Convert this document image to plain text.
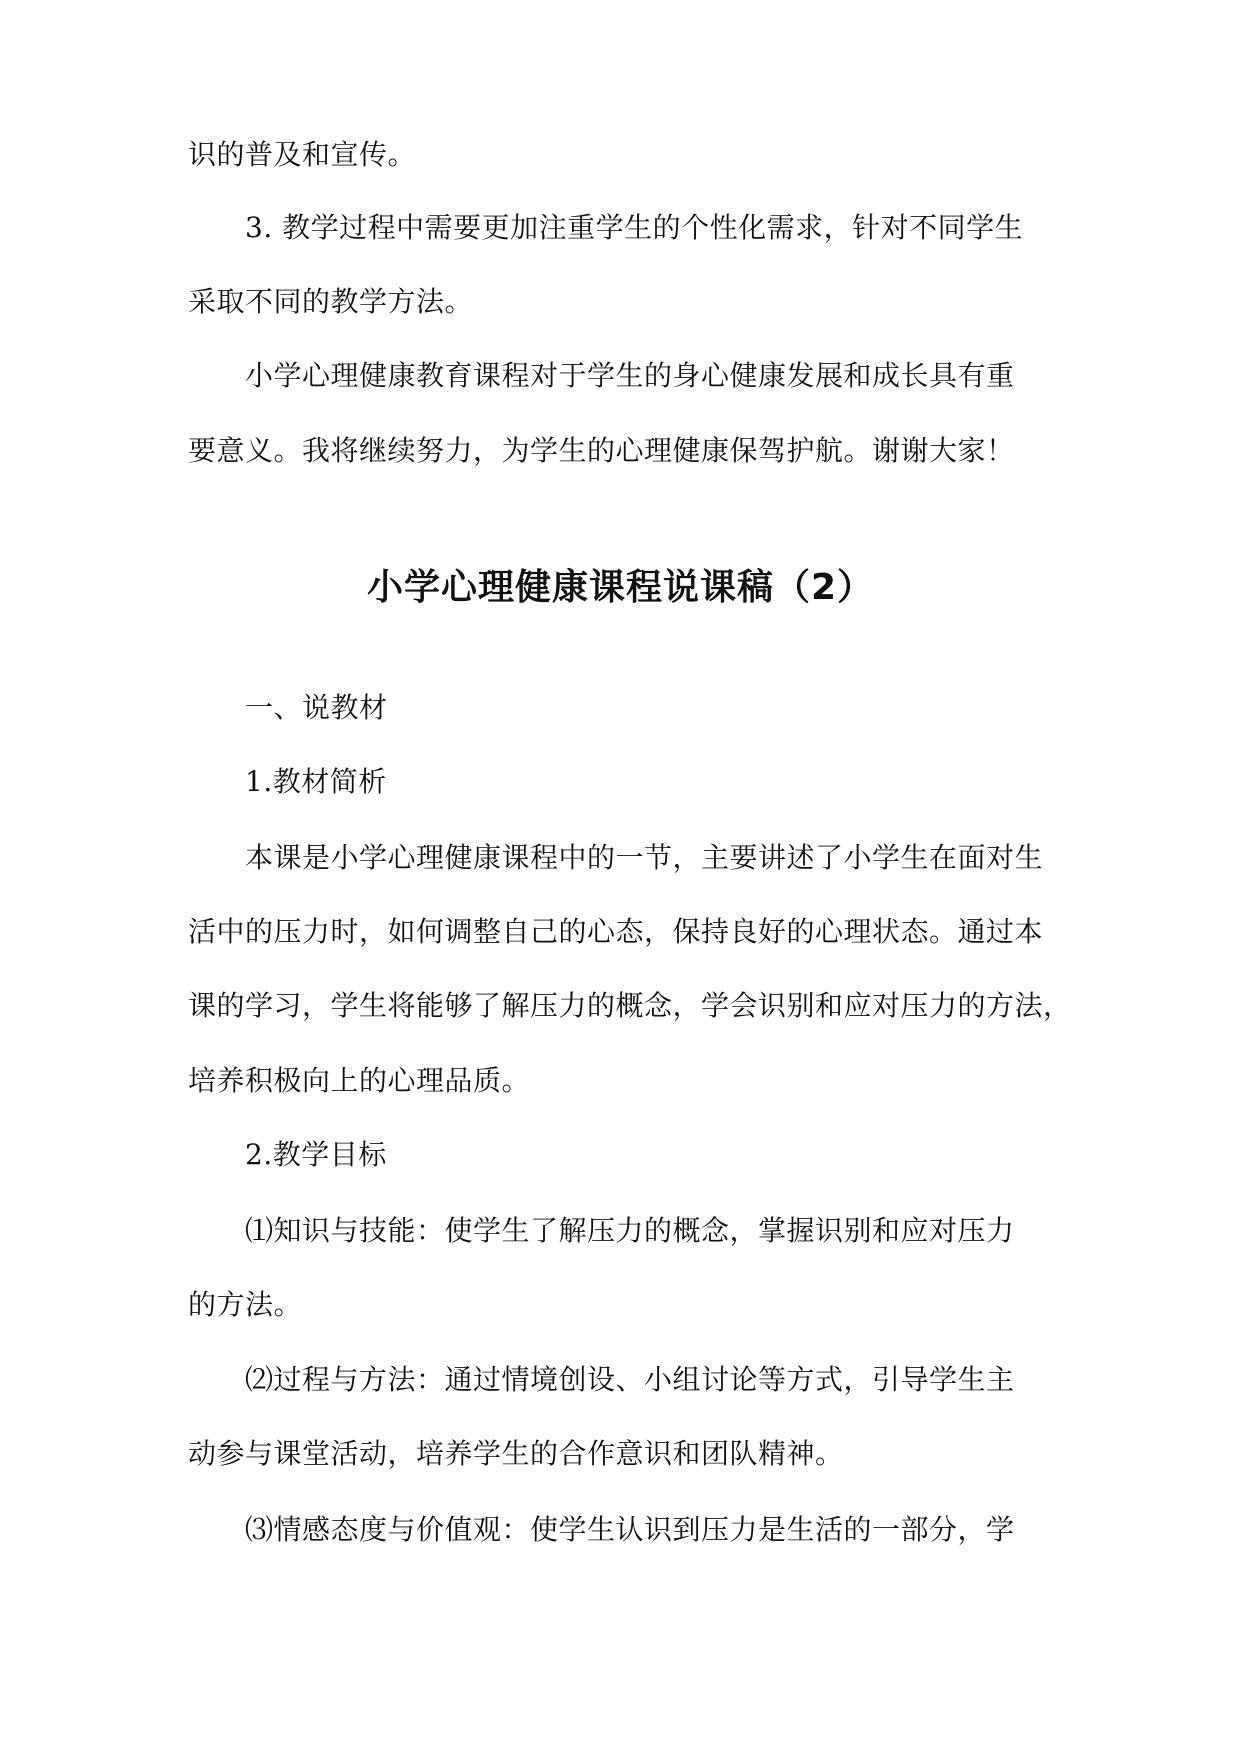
识的普及和宣传。

3. 教学过程中需要更加注重学生的个性化需求，针对不同学生

采取不同的教学方法。

小学心理健康教育课程对于学生的身心健康发展和成长具有重

要意义。我将继续努力，为学生的心理健康保驾护航。谢谢大家！

小学心理健康课程说课稿（2）

一、说教材

1.教材简析

本课是小学心理健康课程中的一节，主要讲述了小学生在面对生

活中的压力时，如何调整自己的心态，保持良好的心理状态。通过本

课的学习，学生将能够了解压力的概念，学会识别和应对压力的方法，

培养积极向上的心理品质。

2.教学目标

⑴知识与技能：使学生了解压力的概念，掌握识别和应对压力

的方法。

⑵过程与方法：通过情境创设、小组讨论等方式，引导学生主

动参与课堂活动，培养学生的合作意识和团队精神。

⑶情感态度与价值观：使学生认识到压力是生活的一部分，学
